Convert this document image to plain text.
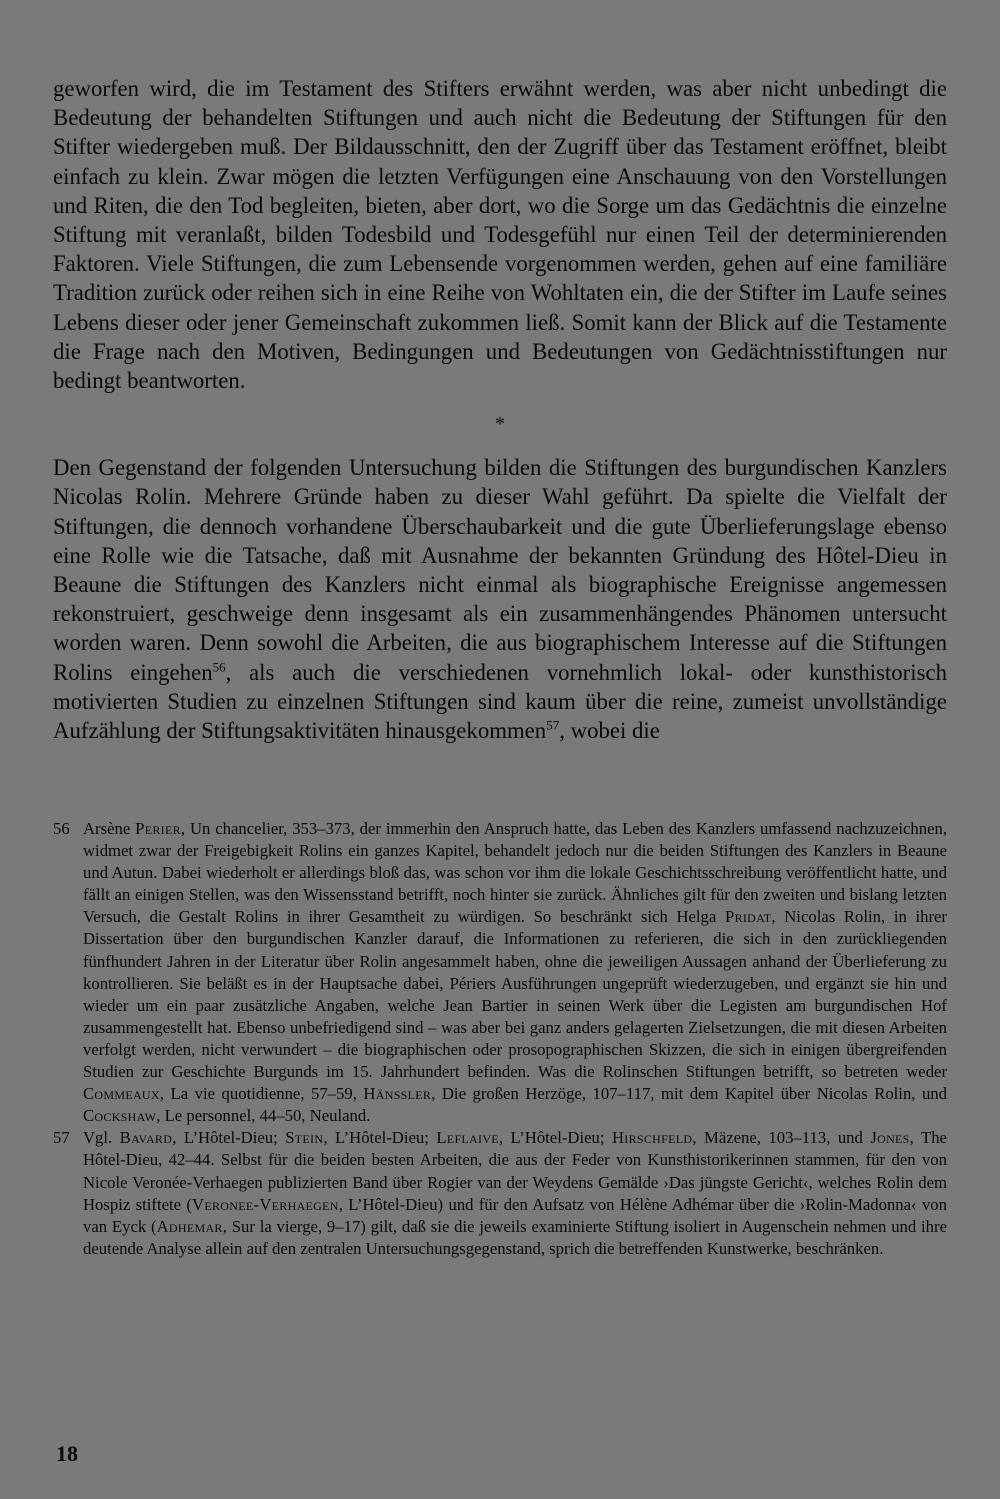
geworfen wird, die im Testament des Stifters erwähnt werden, was aber nicht unbedingt die Bedeutung der behandelten Stiftungen und auch nicht die Bedeutung der Stiftungen für den Stifter wiedergeben muß. Der Bildausschnitt, den der Zugriff über das Testament eröffnet, bleibt einfach zu klein. Zwar mögen die letzten Verfügungen eine Anschauung von den Vorstellungen und Riten, die den Tod begleiten, bieten, aber dort, wo die Sorge um das Gedächtnis die einzelne Stiftung mit veranlaßt, bilden Todesbild und Todesgefühl nur einen Teil der determinierenden Faktoren. Viele Stiftungen, die zum Lebensende vorgenommen werden, gehen auf eine familiäre Tradition zurück oder reihen sich in eine Reihe von Wohltaten ein, die der Stifter im Laufe seines Lebens dieser oder jener Gemeinschaft zukommen ließ. Somit kann der Blick auf die Testamente die Frage nach den Motiven, Bedingungen und Bedeutungen von Gedächtnisstiftungen nur bedingt beantworten.

*

Den Gegenstand der folgenden Untersuchung bilden die Stiftungen des burgundischen Kanzlers Nicolas Rolin. Mehrere Gründe haben zu dieser Wahl geführt. Da spielte die Vielfalt der Stiftungen, die dennoch vorhandene Überschaubarkeit und die gute Überlieferungslage ebenso eine Rolle wie die Tatsache, daß mit Ausnahme der bekannten Gründung des Hôtel-Dieu in Beaune die Stiftungen des Kanzlers nicht einmal als biographische Ereignisse angemessen rekonstruiert, geschweige denn insgesamt als ein zusammenhängendes Phänomen untersucht worden waren. Denn sowohl die Arbeiten, die aus biographischem Interesse auf die Stiftungen Rolins eingehen$^{56}$, als auch die verschiedenen vornehmlich lokal- oder kunsthistorisch motivierten Studien zu einzelnen Stiftungen sind kaum über die reine, zumeist unvollständige Aufzählung der Stiftungsaktivitäten hinausgekommen$^{57}$, wobei die

56 Arsène Perier, Un chancelier, 353–373, der immerhin den Anspruch hatte, das Leben des Kanzlers umfassend nachzuzeichnen, widmet zwar der Freigebigkeit Rolins ein ganzes Kapitel, behandelt jedoch nur die beiden Stiftungen des Kanzlers in Beaune und Autun. Dabei wiederholt er allerdings bloß das, was schon vor ihm die lokale Geschichtsschreibung veröffentlicht hatte, und fällt an einigen Stellen, was den Wissensstand betrifft, noch hinter sie zurück. Ähnliches gilt für den zweiten und bislang letzten Versuch, die Gestalt Rolins in ihrer Gesamtheit zu würdigen. So beschränkt sich Helga Pridat, Nicolas Rolin, in ihrer Dissertation über den burgundischen Kanzler darauf, die Informationen zu referieren, die sich in den zurückliegenden fünfhundert Jahren in der Literatur über Rolin angesammelt haben, ohne die jeweiligen Aussagen anhand der Überlieferung zu kontrollieren. Sie beläßt es in der Hauptsache dabei, Périers Ausführungen ungeprüft wiederzugeben, und ergänzt sie hin und wieder um ein paar zusätzliche Angaben, welche Jean Bartier in seinen Werk über die Legisten am burgundischen Hof zusammengestellt hat. Ebenso unbefriedigend sind – was aber bei ganz anders gelagerten Zielsetzungen, die mit diesen Arbeiten verfolgt werden, nicht verwundert – die biographischen oder prosopographischen Skizzen, die sich in einigen übergreifenden Studien zur Geschichte Burgunds im 15. Jahrhundert befinden. Was die Rolinschen Stiftungen betrifft, so betreten weder Commeaux, La vie quotidienne, 57–59, Hänssler, Die großen Herzöge, 107–117, mit dem Kapitel über Nicolas Rolin, und Cockshaw, Le personnel, 44–50, Neuland.
57 Vgl. Bavard, L’Hôtel-Dieu; Stein, L’Hôtel-Dieu; Leflaive, L’Hôtel-Dieu; Hirschfeld, Mäzene, 103–113, und Jones, The Hôtel-Dieu, 42–44. Selbst für die beiden besten Arbeiten, die aus der Feder von Kunsthistorikerinnen stammen, für den von Nicole Veronée-Verhaegen publizierten Band über Rogier van der Weydens Gemälde ›Das jüngste Gericht‹, welches Rolin dem Hospiz stiftete (Veronee-Verhaegen, L’Hôtel-Dieu) und für den Aufsatz von Hélène Adhémar über die ›Rolin-Madonna‹ von van Eyck (Adhemar, Sur la vierge, 9–17) gilt, daß sie die jeweils examinierte Stiftung isoliert in Augenschein nehmen und ihre deutende Analyse allein auf den zentralen Untersuchungsgegenstand, sprich die betreffenden Kunstwerke, beschränken.
18
